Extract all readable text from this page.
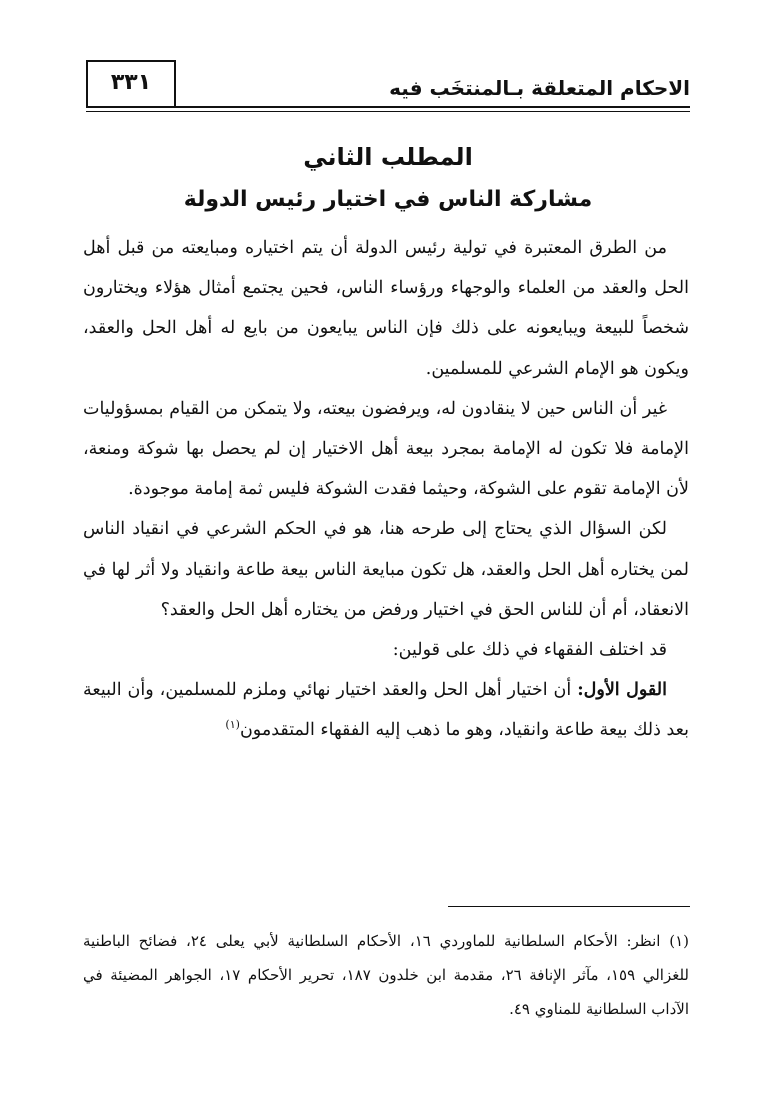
الاحكام المتعلقة بـالمنتخَب فيه
٣٣١
المطلب الثاني
مشاركة الناس في اختيار رئيس الدولة

من الطرق المعتبرة في تولية رئيس الدولة أن يتم اختياره ومبايعته من قبل أهل الحل والعقد من العلماء والوجهاء ورؤساء الناس، فحين يجتمع أمثال هؤلاء ويختارون شخصاً للبيعة ويبايعونه على ذلك فإن الناس يبايعون من بايع له أهل الحل والعقد، ويكون هو الإمام الشرعي للمسلمين.

غير أن الناس حين لا ينقادون له، ويرفضون بيعته، ولا يتمكن من القيام بمسؤوليات الإمامة فلا تكون له الإمامة بمجرد بيعة أهل الاختيار إن لم يحصل بها شوكة ومنعة، لأن الإمامة تقوم على الشوكة، وحيثما فقدت الشوكة فليس ثمة إمامة موجودة.

لكن السؤال الذي يحتاج إلى طرحه هنا، هو في الحكم الشرعي في انقياد الناس لمن يختاره أهل الحل والعقد، هل تكون مبايعة الناس بيعة طاعة وانقياد ولا أثر لها في الانعقاد، أم أن للناس الحق في اختيار ورفض من يختاره أهل الحل والعقد؟

قد اختلف الفقهاء في ذلك على قولين:

القول الأول: أن اختيار أهل الحل والعقد اختيار نهائي وملزم للمسلمين، وأن البيعة بعد ذلك بيعة طاعة وانقياد، وهو ما ذهب إليه الفقهاء المتقدمون$^{(١)}$

(١) انظر: الأحكام السلطانية للماوردي ١٦، الأحكام السلطانية لأبي يعلى ٢٤، فضائح الباطنية للغزالي ١٥٩، مآثر الإنافة ٢٦، مقدمة ابن خلدون ١٨٧، تحرير الأحكام ١٧، الجواهر المضيئة في الآداب السلطانية للمناوي ٤٩.
